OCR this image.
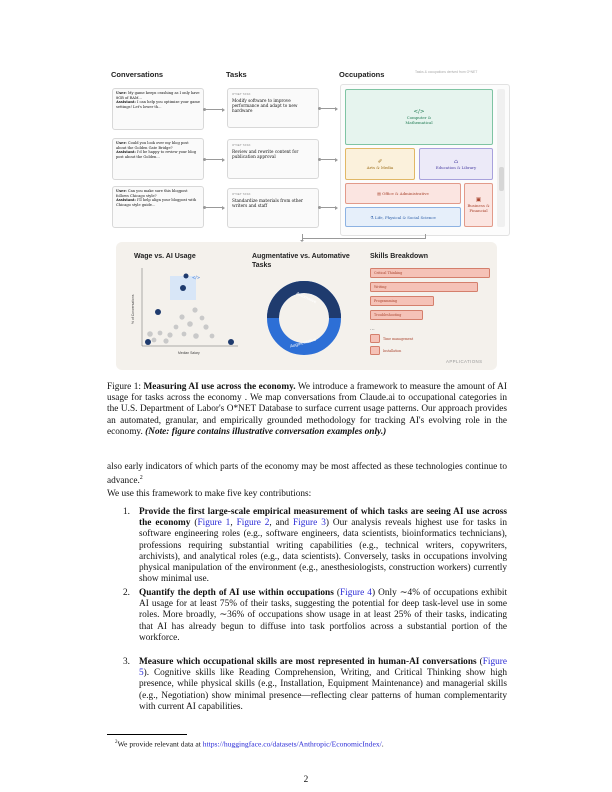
Conversations	Tasks	Occupations	Tasks & occupations derived from O*NET
User: My game keeps crashing as I only have 8GB of RAM...
Assistant: I can help you optimize your game settings! Let's lower th...
User: Could you look over my blog post about the Golden Gate Bridge?
Assistant: I'd be happy to review your blog post about the Golden...
User: Can you make sure this blogpost follows Chicago style?
Assistant: I'll help align your blogpost with Chicago style guide...
O*NET TASK
Modify software to improve performance and adapt to new hardware
O*NET TASK
Review and rewrite content for publication approval
O*NET TASK
Standardize materials from other writers and staff
</>
Computer & Mathematical
✐
Arts & Media
⌂
Education & Library
▤ Office & Administrative
⚗ Life, Physical & Social Science
▣
Business & Financial
Wage vs. AI Usage	Augmentative vs. Automative Tasks
Skills Breakdown
</>
% of Conversations
Median Salary
Automative
Augmentative
Critical Thinking
Writing
Programming
Troubleshooting
...
Time management
Installation
APPLICATIONS
Figure 1: Measuring AI use across the economy. We introduce a framework to measure the amount of AI usage for tasks across the economy . We map conversations from Claude.ai to occupational categories in the U.S. Department of Labor's O*NET Database to surface current usage patterns. Our approach provides an automated, granular, and empirically grounded methodology for tracking AI's evolving role in the economy. (Note: figure contains illustrative conversation examples only.)
also early indicators of which parts of the economy may be most affected as these technologies continue to advance.$^2$
We use this framework to make five key contributions:
1. Provide the first large-scale empirical measurement of which tasks are seeing AI use across the economy (Figure 1, Figure 2, and Figure 3) Our analysis reveals highest use for tasks in software engineering roles (e.g., software engineers, data scientists, bioinformatics technicians), professions requiring substantial writing capabilities (e.g., technical writers, copywriters, archivists), and analytical roles (e.g., data scientists). Conversely, tasks in occupations involving physical manipulation of the environment (e.g., anesthesiologists, construction workers) currently show minimal use.
2. Quantify the depth of AI use within occupations (Figure 4) Only ∼4% of occupations exhibit AI usage for at least 75% of their tasks, suggesting the potential for deep task-level use in some roles. More broadly, ∼36% of occupations show usage in at least 25% of their tasks, indicating that AI has already begun to diffuse into task portfolios across a substantial portion of the workforce.
3. Measure which occupational skills are most represented in human-AI conversations (Figure 5). Cognitive skills like Reading Comprehension, Writing, and Critical Thinking show high presence, while physical skills (e.g., Installation, Equipment Maintenance) and managerial skills (e.g., Negotiation) show minimal presence—reflecting clear patterns of human complementarity with current AI capabilities.
$^2$We provide relevant data at https://huggingface.co/datasets/Anthropic/EconomicIndex/.
2
